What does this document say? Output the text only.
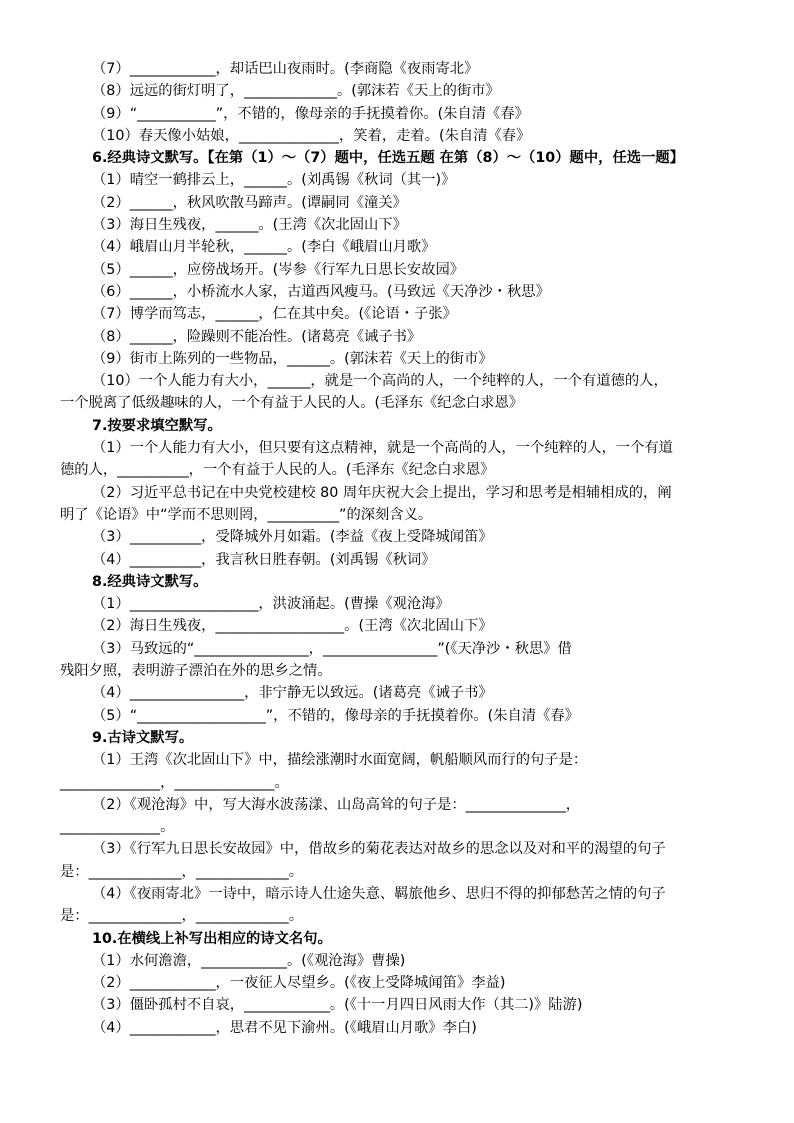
（7）____________，却话巴山夜雨时。(李商隐《夜雨寄北》
（8）远远的街灯明了，_____________。(郭沫若《天上的街市》
（9）“___________”，不错的，像母亲的手抚摸着你。(朱自清《春》
（10）春天像小姑娘，______________，笑着，走着。(朱自清《春》
6.经典诗文默写。【在第（1）～（7）题中，任选五题 在第（8）～（10）题中，任选一题】
（1）晴空一鹤排云上，______。(刘禹锡《秋词（其一)》
（2）______，秋风吹散马蹄声。(谭嗣同《潼关》
（3）海日生残夜，______。(王湾《次北固山下》
（4）峨眉山月半轮秋，______。(李白《峨眉山月歌》
（5）______，应傍战场开。(岑参《行军九日思长安故园》
（6）______，小桥流水人家，古道西风瘦马。(马致远《天净沙・秋思》
（7）博学而笃志，______，仁在其中矣。(《论语・子张》
（8）______，险躁则不能冶性。(诸葛亮《诫子书》
（9）街市上陈列的一些物品，______。(郭沫若《天上的街市》
（10）一个人能力有大小，______，就是一个高尚的人，一个纯粹的人，一个有道德的人，
一个脱离了低级趣味的人，一个有益于人民的人。(毛泽东《纪念白求恩》
7.按要求填空默写。
（1）一个人能力有大小，但只要有这点精神，就是一个高尚的人，一个纯粹的人，一个有道
德的人，__________，一个有益于人民的人。(毛泽东《纪念白求恩》
（2）习近平总书记在中央党校建校 80 周年庆祝大会上提出，学习和思考是相辅相成的，阐
明了《论语》中“学而不思则罔，__________”的深刻含义。
（3）__________，受降城外月如霜。(李益《夜上受降城闻笛》
（4）__________，我言秋日胜春朝。(刘禹锡《秋词》
8.经典诗文默写。
（1）__________________，洪波涌起。(曹操《观沧海》
（2）海日生残夜，__________________。(王湾《次北固山下》
（3）马致远的“________________，________________”(《天净沙・秋思》借
残阳夕照，表明游子漂泊在外的思乡之情。
（4）________________，非宁静无以致远。(诸葛亮《诫子书》
（5）“__________________”，不错的，像母亲的手抚摸着你。(朱自清《春》
9.古诗文默写。
（1）王湾《次北固山下》中，描绘涨潮时水面宽阔，帆船顺风而行的句子是：
______________，______________。
（2）《观沧海》中，写大海水波荡漾、山岛高耸的句子是：______________，
______________。
（3）《行军九日思长安故园》中，借故乡的菊花表达对故乡的思念以及对和平的渴望的句子
是：_____________，_____________。
（4）《夜雨寄北》一诗中，暗示诗人仕途失意、羁旅他乡、思归不得的抑郁愁苦之情的句子
是：_____________，_____________。
10.在横线上补写出相应的诗文名句。
（1）水何澹澹，____________。(《观沧海》曹操)
（2）____________，一夜征人尽望乡。(《夜上受降城闻笛》李益)
（3）僵卧孤村不自哀，____________。(《十一月四日风雨大作（其二)》陆游)
（4）____________，思君不见下渝州。(《峨眉山月歌》李白)
